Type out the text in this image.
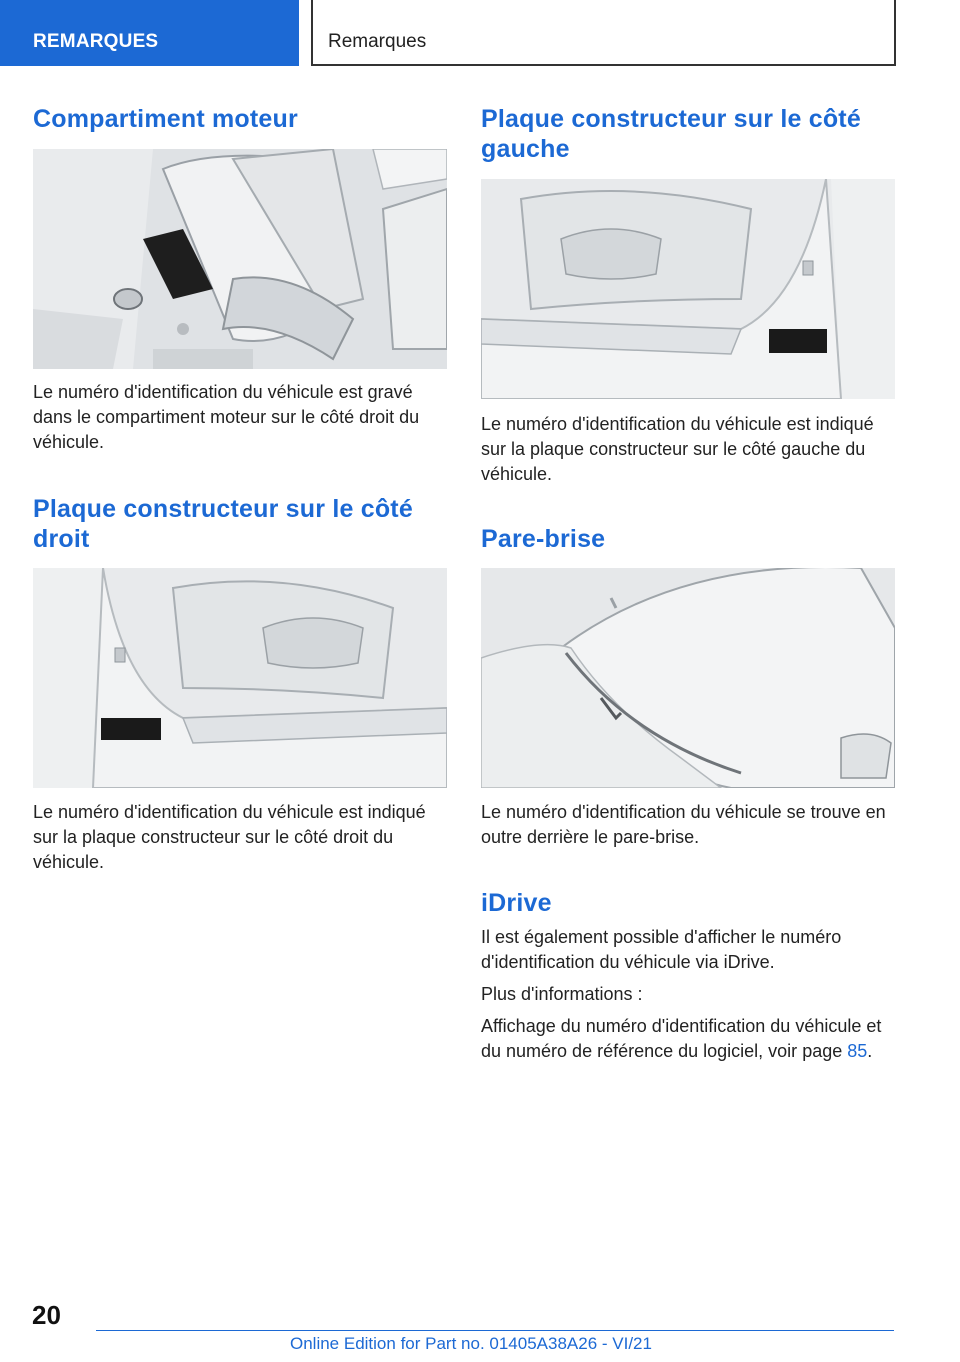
REMARQUES	Remarques
Compartiment moteur

Le numéro d'identification du véhicule est gravé dans le compartiment moteur sur le côté droit du véhicule.

Plaque constructeur sur le côté
droit

Le numéro d'identification du véhicule est indiqué sur la plaque constructeur sur le côté droit du véhicule.

Plaque constructeur sur le côté
gauche

Le numéro d'identification du véhicule est indiqué sur la plaque constructeur sur le côté gauche du véhicule.

Pare-brise

Le numéro d'identification du véhicule se trouve en outre derrière le pare-brise.

iDrive

Il est également possible d'afficher le numéro d'identification du véhicule via iDrive.

Plus d'informations :

Affichage du numéro d'identification du véhicule et du numéro de référence du logiciel, voir page 85.

20
Online Edition for Part no. 01405A38A26 - VI/21
